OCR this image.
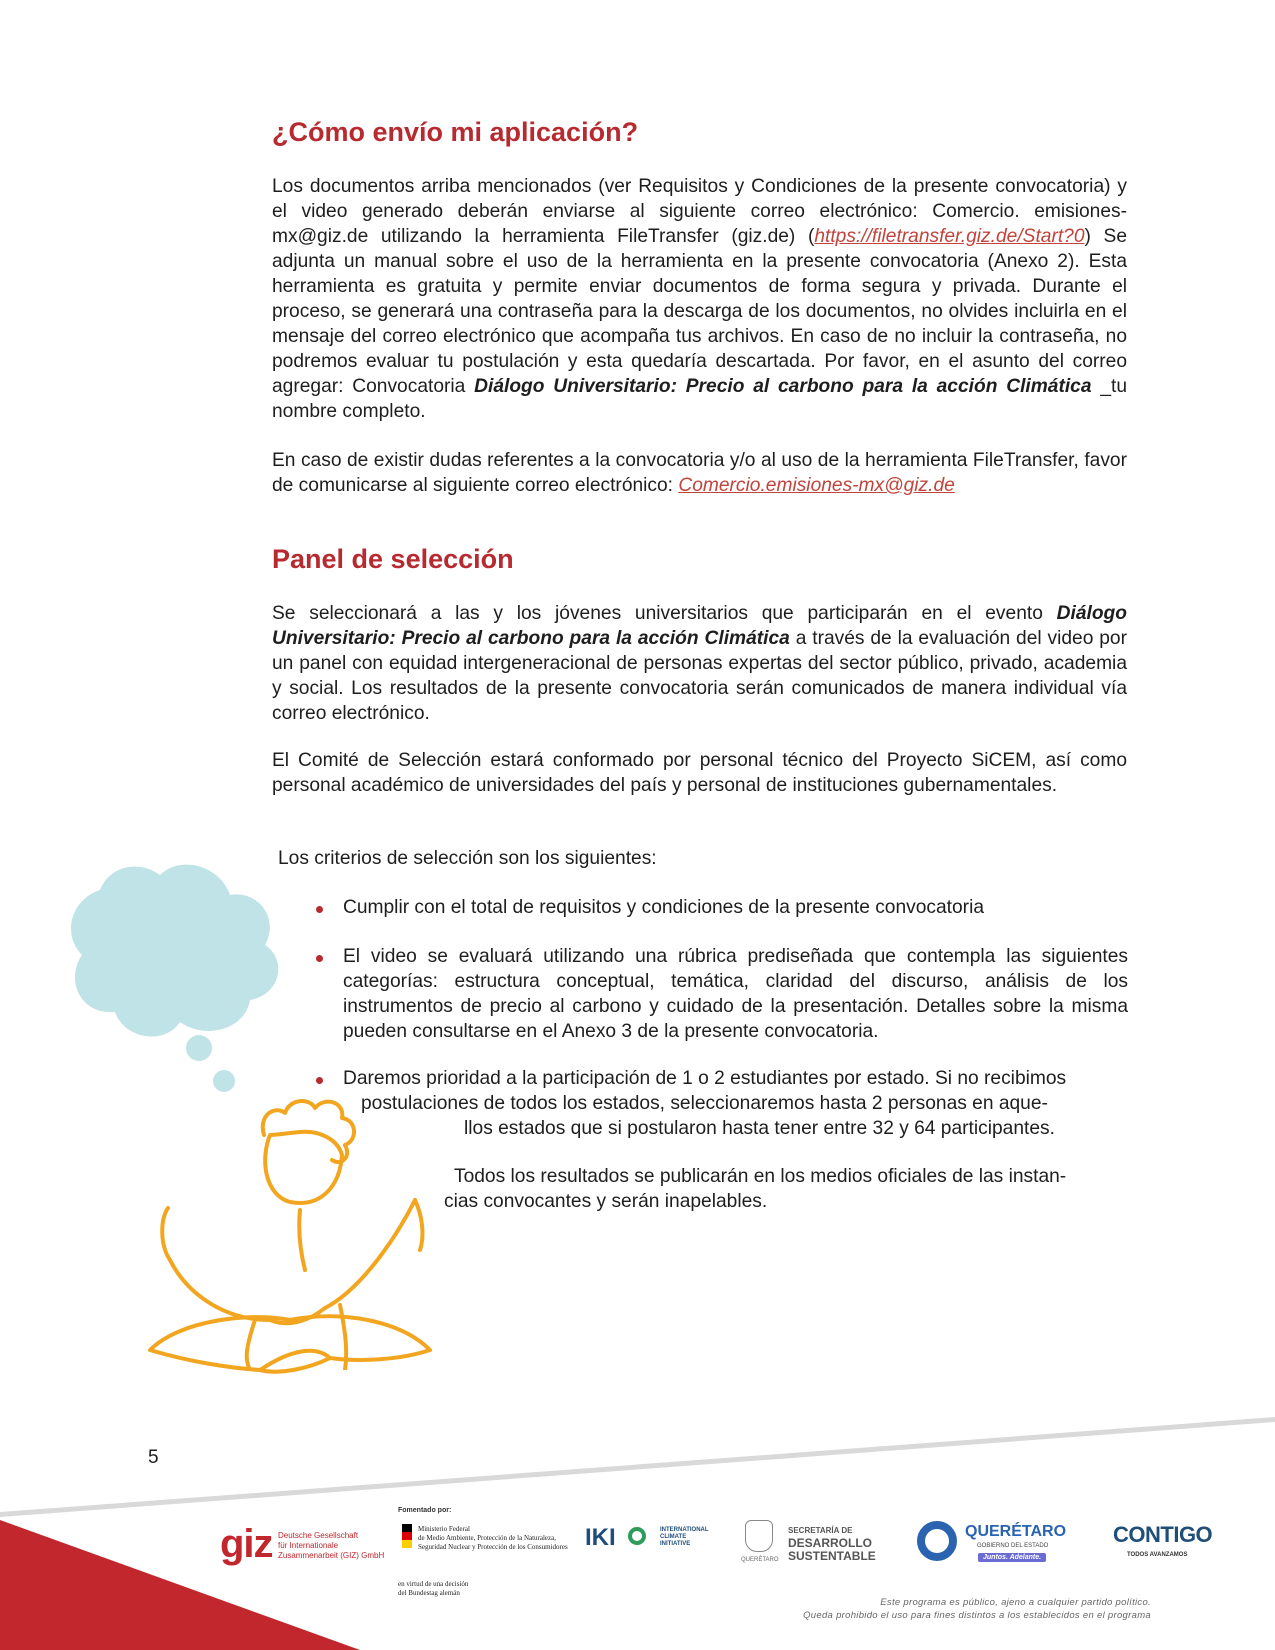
¿Cómo envío mi aplicación?

Los documentos arriba mencionados (ver Requisitos y Condiciones de la presente convocatoria) y el video generado deberán enviarse al siguiente correo electrónico: Comercio. emisiones-mx@giz.de utilizando la herramienta FileTransfer (giz.de) (https://filetransfer.giz.de/Start?0) Se adjunta un manual sobre el uso de la herramienta en la presente convocatoria (Anexo 2). Esta herramienta es gratuita y permite enviar documentos de forma segura y privada. Durante el proceso, se generará una contraseña para la descarga de los documentos, no olvides incluirla en el mensaje del correo electrónico que acompaña tus archivos. En caso de no incluir la contraseña, no podremos evaluar tu postulación y esta quedaría descartada. Por favor, en el asunto del correo agregar: Convocatoria Diálogo Universitario: Precio al carbono para la acción Climática _tu nombre completo.

En caso de existir dudas referentes a la convocatoria y/o al uso de la herramienta FileTransfer, favor de comunicarse al siguiente correo electrónico: Comercio.emisiones-mx@giz.de

Panel de selección

Se seleccionará a las y los jóvenes universitarios que participarán en el evento Diálogo Universitario: Precio al carbono para la acción Climática a través de la evaluación del video por un panel con equidad intergeneracional de personas expertas del sector público, privado, academia y social. Los resultados de la presente convocatoria serán comunicados de manera individual vía correo electrónico.

El Comité de Selección estará conformado por personal técnico del Proyecto SiCEM, así como personal académico de universidades del país y personal de instituciones gubernamentales.

Los criterios de selección son los siguientes:

Cumplir con el total de requisitos y condiciones de la presente convocatoria

El video se evaluará utilizando una rúbrica prediseñada que contempla las siguientes categorías: estructura conceptual, temática, claridad del discurso, análisis de los instrumentos de precio al carbono y cuidado de la presentación. Detalles sobre la misma pueden consultarse en el Anexo 3 de la presente convocatoria.

Daremos prioridad a la participación de 1 o 2 estudiantes por estado. Si no recibimos

postulaciones de todos los estados, seleccionaremos hasta 2 personas en aque-

llos estados que si postularon hasta tener entre 32 y 64 participantes.

Todos los resultados se publicarán en los medios oficiales de las instan-

cias convocantes y serán inapelables.

5
giz Deutsche Gesellschaft
für Internationale
Zusammenarbeit (GIZ) GmbH
Fomentado por:
Ministerio Federal
de Medio Ambiente, Protección de la Naturaleza,
Seguridad Nuclear y Protección de los Consumidores
en virtud de una decisión
del Bundestag alemán
IKI	INTERNATIONAL
CLIMATE
INITIATIVE
QUERÉTARO
SECRETARÍA DE
DESARROLLO
SUSTENTABLE
QUERÉTARO
GOBIERNO DEL ESTADO
Juntos. Adelante.
CONTIGO
TODOS AVANZAMOS
Este programa es público, ajeno a cualquier partido político.
Queda prohibido el uso para fines distintos a los establecidos en el programa
